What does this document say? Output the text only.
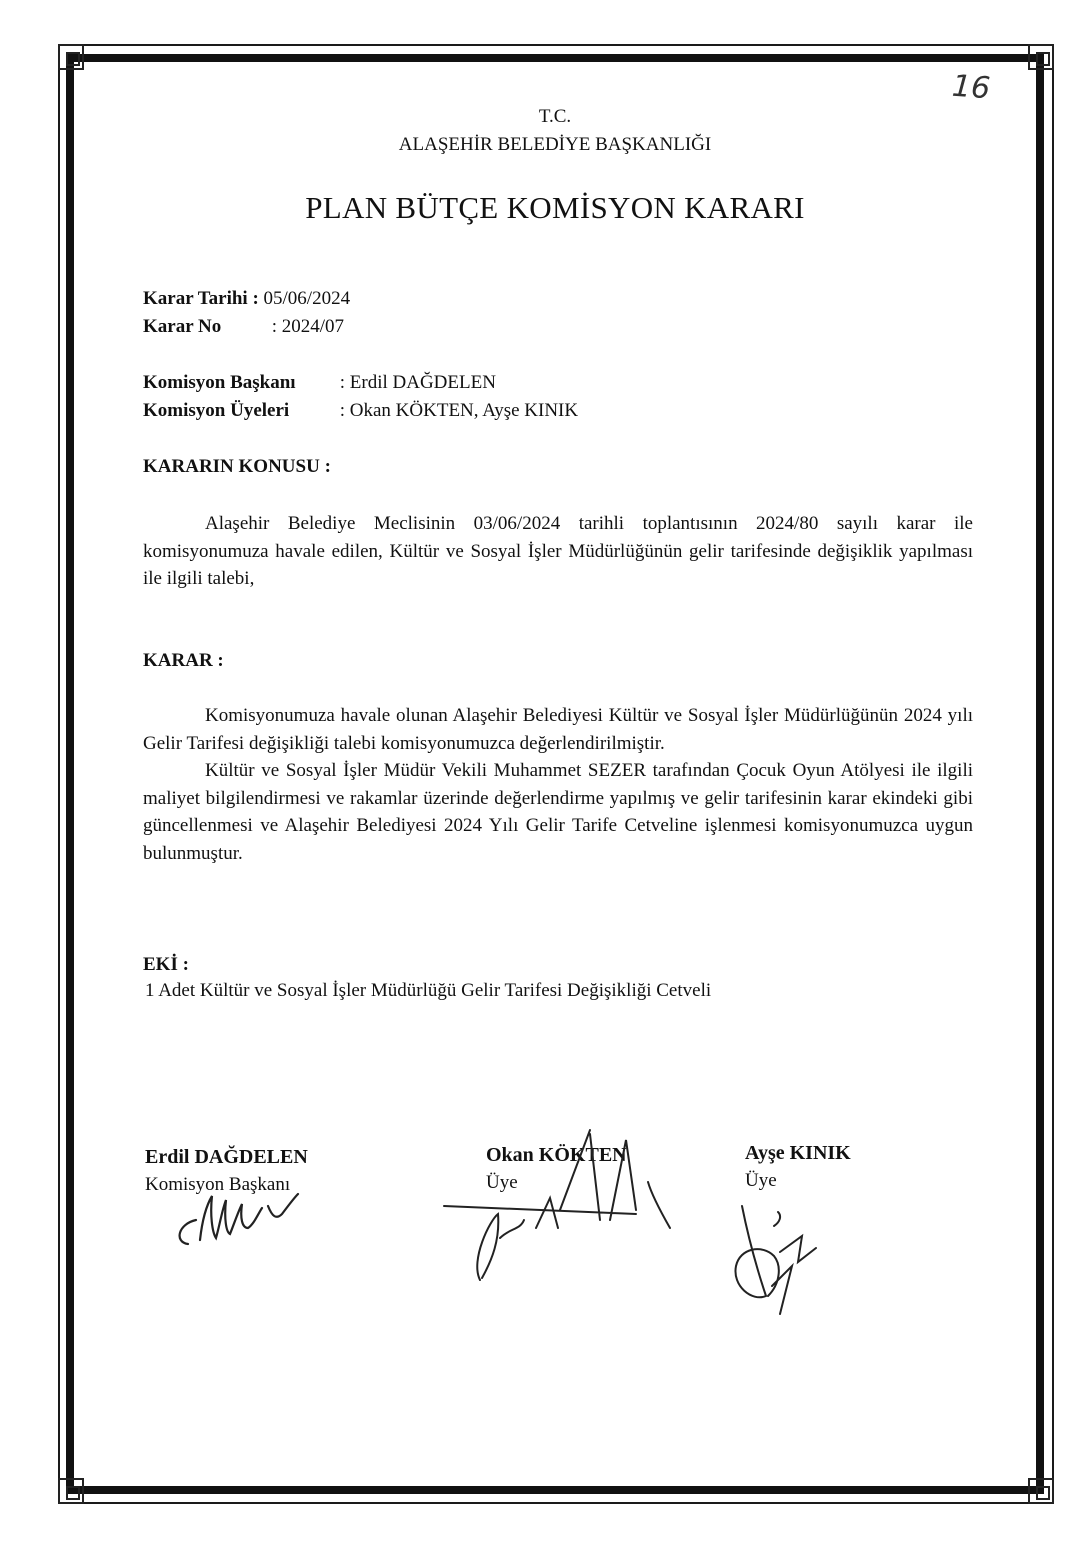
16
T.C.
ALAŞEHİR BELEDİYE BAŞKANLIĞI
PLAN BÜTÇE KOMİSYON KARARI
Karar Tarihi : 05/06/2024
Karar No	: 2024/07
Komisyon Başkanı : Erdil DAĞDELEN
Komisyon Üyeleri	: Okan KÖKTEN, Ayşe KINIK
KARARIN KONUSU :

Alaşehir Belediye Meclisinin 03/06/2024 tarihli toplantısının 2024/80 sayılı karar ile komisyonumuza havale edilen, Kültür ve Sosyal İşler Müdürlüğünün gelir tarifesinde değişiklik yapılması ile ilgili talebi,

KARAR :

Komisyonumuza havale olunan Alaşehir Belediyesi Kültür ve Sosyal İşler Müdürlüğünün 2024 yılı Gelir Tarifesi değişikliği talebi komisyonumuzca değerlendirilmiştir.

Kültür ve Sosyal İşler Müdür Vekili Muhammet SEZER tarafından Çocuk Oyun Atölyesi ile ilgili maliyet bilgilendirmesi ve rakamlar üzerinde değerlendirme yapılmış ve gelir tarifesinin karar ekindeki gibi güncellenmesi ve Alaşehir Belediyesi 2024 Yılı Gelir Tarife Cetveline işlenmesi komisyonumuzca uygun bulunmuştur.

EKİ :
1 Adet Kültür ve Sosyal İşler Müdürlüğü Gelir Tarifesi Değişikliği Cetveli
Erdil DAĞDELEN
Komisyon Başkanı
Okan KÖKTEN
Üye
Ayşe KINIK
Üye
